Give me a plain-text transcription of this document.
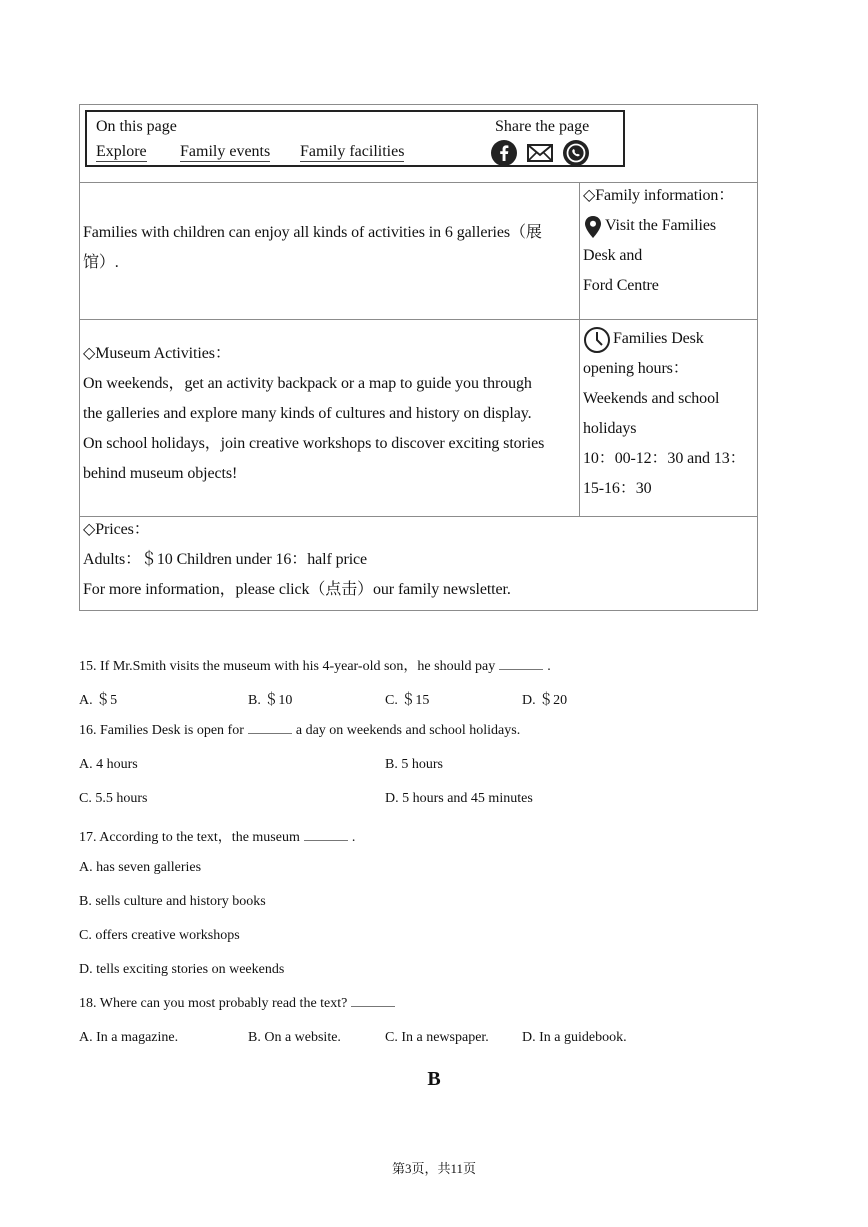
On this page	Share the page
Explore Family events Family facilities
Families with children can enjoy all kinds of activities in 6 galleries（展
馆）.
◇Family information：
Visit the Families
Desk and
Ford Centre
◇Museum Activities：
On weekends，get an activity backpack or a map to guide you through
the galleries and explore many kinds of cultures and history on display.
On school holidays，join creative workshops to discover exciting stories
behind museum objects!
Families Desk
opening hours：
Weekends and school
holidays
10：00-12：30 and 13：
15-16：30
◇Prices：
Adults：＄10 Children under 16：half price
For more information，please click（点击）our family newsletter.
15. If Mr.Smith visits the museum with his 4-year-old son，he should pay	.
A. ＄5	B. ＄10	C. ＄15	D. ＄20
16. Families Desk is open for	a day on weekends and school holidays.
A. 4 hours	B. 5 hours
C. 5.5 hours	D. 5 hours and 45 minutes
17. According to the text，the museum	.
A. has seven galleries
B. sells culture and history books
C. offers creative workshops
D. tells exciting stories on weekends
18. Where can you most probably read the text?
A. In a magazine.	B. On a website.	C. In a newspaper. D. In a guidebook.
B
第3页，共11页
